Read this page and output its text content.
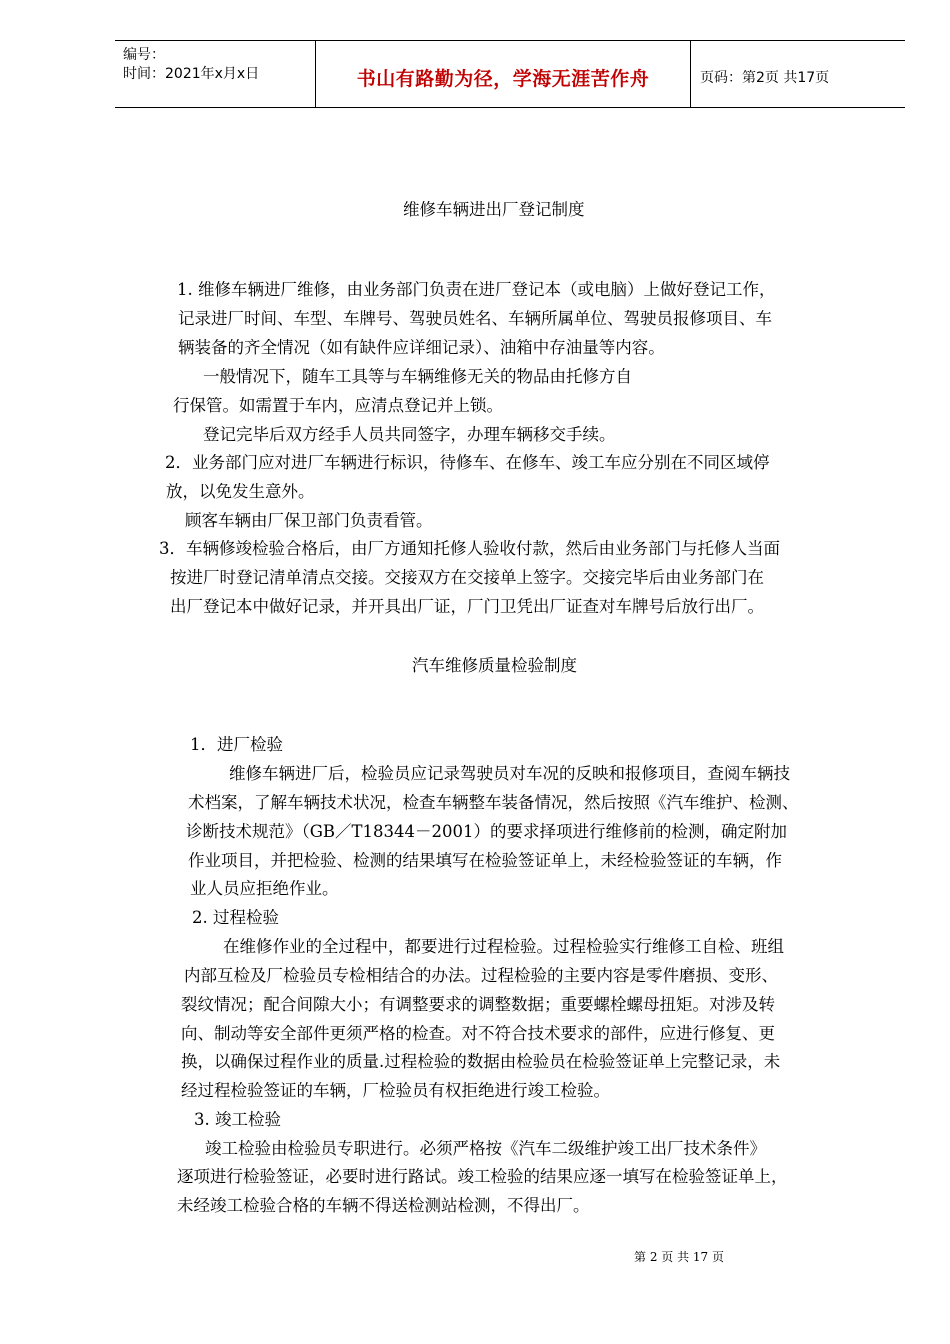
编号：
时间：2021年x月x日	书山有路勤为径，学海无涯苦作舟	页码：第2页 共17页
维修车辆进出厂登记制度
1. 维修车辆进厂维修，由业务部门负责在进厂登记本（或电脑）上做好登记工作，
记录进厂时间、车型、车牌号、驾驶员姓名、车辆所属单位、驾驶员报修项目、车
辆装备的齐全情况（如有缺件应详细记录）、油箱中存油量等内容。
一般情况下，随车工具等与车辆维修无关的物品由托修方自
行保管。如需置于车内，应清点登记并上锁。
登记完毕后双方经手人员共同签字，办理车辆移交手续。
2．业务部门应对进厂车辆进行标识，待修车、在修车、竣工车应分别在不同区域停
放，以免发生意外。
顾客车辆由厂保卫部门负责看管。
3．车辆修竣检验合格后，由厂方通知托修人验收付款，然后由业务部门与托修人当面
按进厂时登记清单清点交接。交接双方在交接单上签字。交接完毕后由业务部门在
出厂登记本中做好记录，并开具出厂证，厂门卫凭出厂证查对车牌号后放行出厂。
汽车维修质量检验制度
1．进厂检验
维修车辆进厂后，检验员应记录驾驶员对车况的反映和报修项目，查阅车辆技
术档案，了解车辆技术状况，检查车辆整车装备情况，然后按照《汽车维护、检测、
诊断技术规范》（GB／T18344－2001）的要求择项进行维修前的检测，确定附加
作业项目，并把检验、检测的结果填写在检验签证单上，未经检验签证的车辆，作
业人员应拒绝作业。
2. 过程检验
在维修作业的全过程中，都要进行过程检验。过程检验实行维修工自检、班组
内部互检及厂检验员专检相结合的办法。过程检验的主要内容是零件磨损、变形、
裂纹情况；配合间隙大小；有调整要求的调整数据；重要螺栓螺母扭矩。对涉及转
向、制动等安全部件更须严格的检查。对不符合技术要求的部件，应进行修复、更
换，以确保过程作业的质量.过程检验的数据由检验员在检验签证单上完整记录，未
经过程检验签证的车辆，厂检验员有权拒绝进行竣工检验。
3. 竣工检验
竣工检验由检验员专职进行。必须严格按《汽车二级维护竣工出厂技术条件》
逐项进行检验签证，必要时进行路试。竣工检验的结果应逐一填写在检验签证单上，
未经竣工检验合格的车辆不得送检测站检测，不得出厂。
第 2 页 共 17 页
